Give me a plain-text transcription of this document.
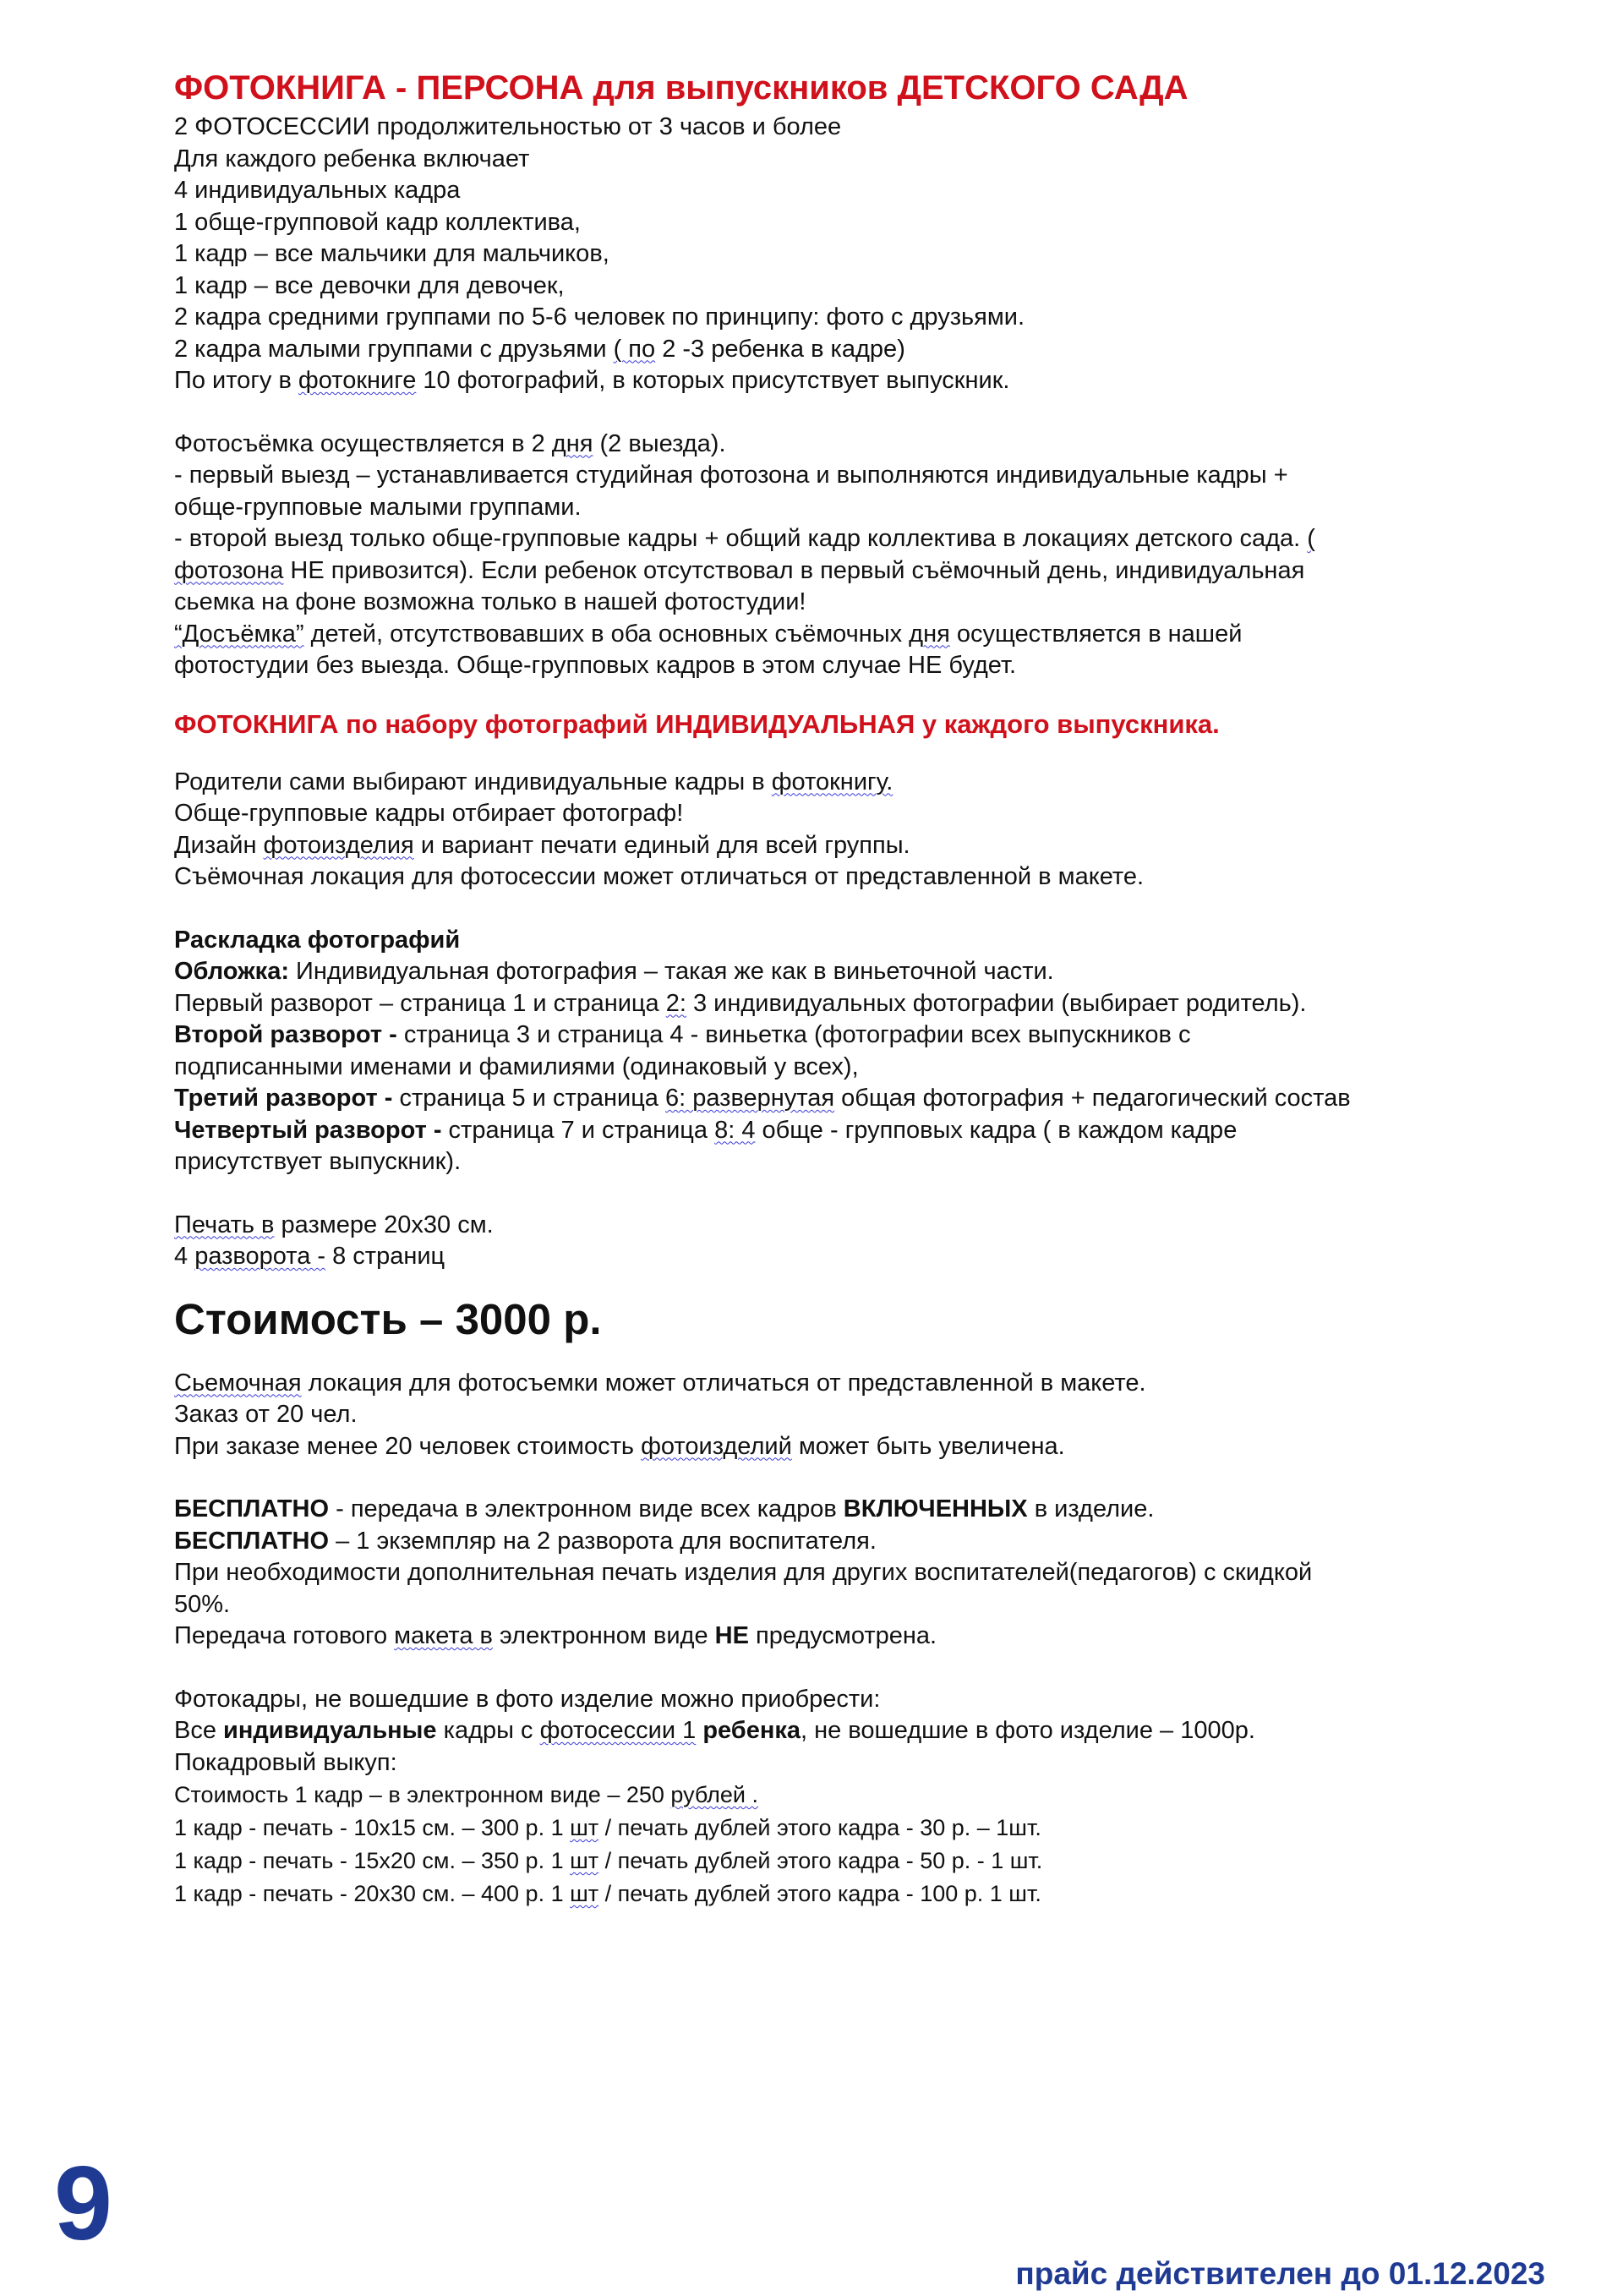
ФОТОКНИГА - ПЕРСОНА для выпускников ДЕТСКОГО САДА
2 ФОТОСЕССИИ продолжительностью от 3 часов и более
Для каждого ребенка включает
4 индивидуальных кадра
1 обще-групповой кадр коллектива,
1 кадр – все мальчики для мальчиков,
1 кадр – все девочки для девочек,
2 кадра средними группами по 5-6 человек по принципу: фото с друзьями.
2 кадра малыми группами с друзьями ( по 2 -3 ребенка в кадре)
По итогу в фотокниге 10 фотографий, в которых присутствует выпускник.
Фотосъёмка осуществляется в 2 дня (2 выезда).
- первый выезд – устанавливается студийная фотозона и выполняются индивидуальные кадры +
обще-групповые малыми группами.
- второй выезд только обще-групповые кадры + общий кадр коллектива в локациях детского сада. (
фотозона НЕ привозится). Если ребенок отсутствовал в первый съёмочный день, индивидуальная
сьемка на фоне возможна только в нашей фотостудии!
“Досъёмка” детей, отсутствовавших в оба основных съёмочных дня осуществляется в нашей
фотостудии без выезда. Обще-групповых кадров в этом случае НЕ будет.
ФОТОКНИГА по набору фотографий ИНДИВИДУАЛЬНАЯ у каждого выпускника.
Родители сами выбирают индивидуальные кадры в фотокнигу.
Обще-групповые кадры отбирает фотограф!
Дизайн фотоизделия и вариант печати единый для всей группы.
Съёмочная локация для фотосессии может отличаться от представленной в макете.
Раскладка фотографий
Обложка: Индивидуальная фотография – такая же как в виньеточной части.
Первый разворот – страница 1 и страница 2: 3 индивидуальных фотографии (выбирает родитель).
Второй разворот - страница 3 и страница 4 - виньетка (фотографии всех выпускников с
подписанными именами и фамилиями (одинаковый у всех),
Третий разворот - страница 5 и страница 6: развернутая общая фотография + педагогический состав
Четвертый разворот - страница 7 и страница 8: 4 обще - групповых кадра ( в каждом кадре
присутствует выпускник).
Печать в размере 20х30 см.
4 разворота - 8 страниц
Стоимость – 3000 р.
Сьемочная локация для фотосъемки может отличаться от представленной в макете.
Заказ от 20 чел.
При заказе менее 20 человек стоимость фотоизделий может быть увеличена.
БЕСПЛАТНО - передача в электронном виде всех кадров ВКЛЮЧЕННЫХ в изделие.
БЕСПЛАТНО – 1 экземпляр на 2 разворота для воспитателя.
При необходимости дополнительная печать изделия для других воспитателей(педагогов) с скидкой
50%.
Передача готового макета в электронном виде НЕ предусмотрена.
Фотокадры, не вошедшие в фото изделие можно приобрести:
Все индивидуальные кадры с фотосессии 1 ребенка, не вошедшие в фото изделие – 1000р.
Покадровый выкуп:
Стоимость 1 кадр – в электронном виде – 250 рублей .
1 кадр - печать - 10х15 см. – 300 р. 1 шт / печать дублей этого кадра - 30 р. – 1шт.
1 кадр - печать - 15х20 см. – 350 р. 1 шт / печать дублей этого кадра - 50 р. - 1 шт.
1 кадр - печать - 20х30 см. – 400 р. 1 шт / печать дублей этого кадра - 100 р. 1 шт.
9
прайс действителен до 01.12.2023
